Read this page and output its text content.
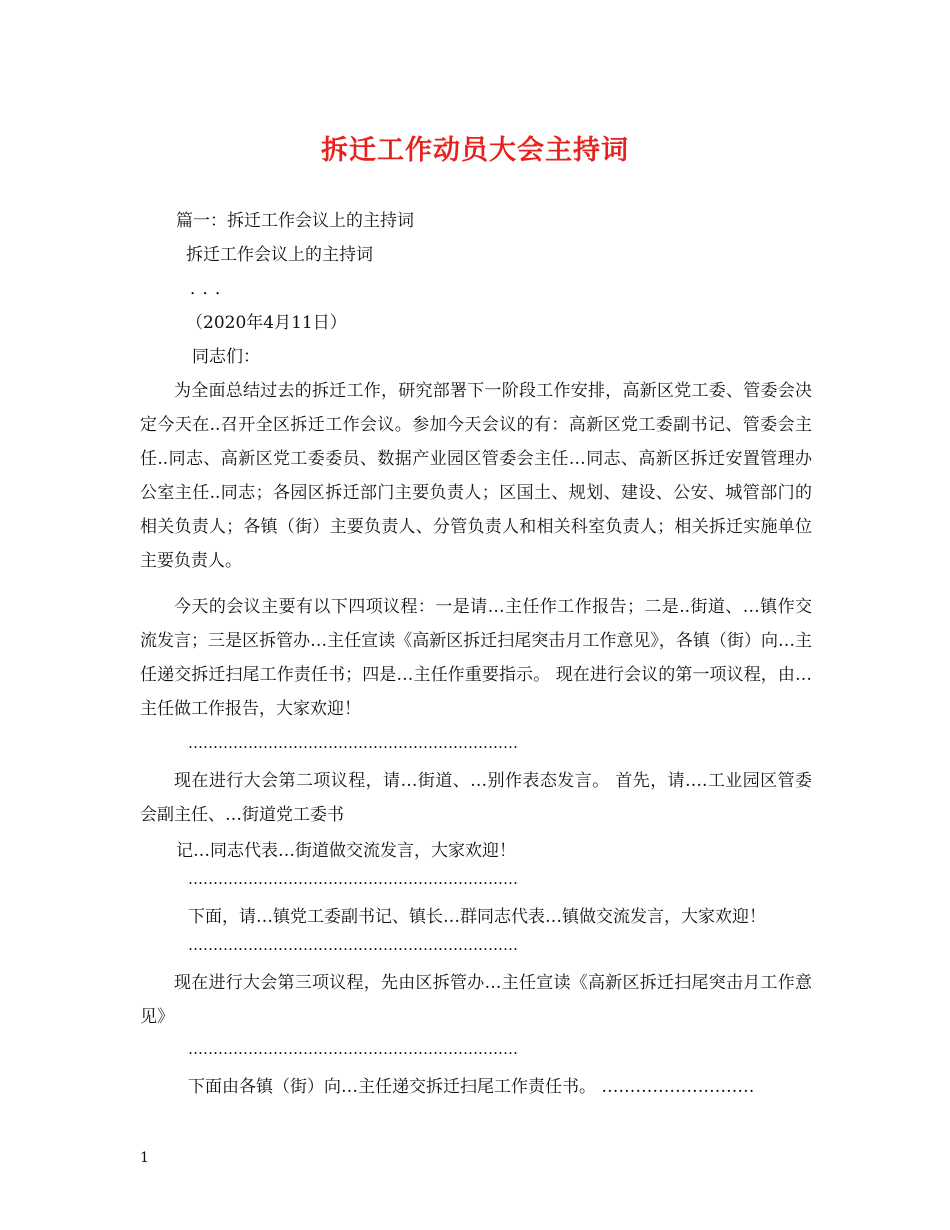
拆迁工作动员大会主持词
篇一：拆迁工作会议上的主持词
拆迁工作会议上的主持词
．．．
（2020年4月11日）
同志们：

为全面总结过去的拆迁工作，研究部署下一阶段工作安排，高新区党工委、管委会决定今天在..召开全区拆迁工作会议。参加今天会议的有：高新区党工委副书记、管委会主任..同志、高新区党工委委员、数据产业园区管委会主任…同志、高新区拆迁安置管理办公室主任..同志；各园区拆迁部门主要负责人；区国土、规划、建设、公安、城管部门的相关负责人；各镇（街）主要负责人、分管负责人和相关科室负责人；相关拆迁实施单位主要负责人。

今天的会议主要有以下四项议程：一是请…主任作工作报告；二是..街道、…镇作交流发言；三是区拆管办…主任宣读《高新区拆迁扫尾突击月工作意见》，各镇（街）向…主任递交拆迁扫尾工作责任书；四是…主任作重要指示。 现在进行会议的第一项议程，由…主任做工作报告，大家欢迎！

…………………………………………………………

现在进行大会第二项议程，请…街道、…别作表态发言。 首先，请….工业园区管委会副主任、…街道党工委书

记…同志代表…街道做交流发言，大家欢迎！
…………………………………………………………
下面，请…镇党工委副书记、镇长…群同志代表…镇做交流发言，大家欢迎！
…………………………………………………………

现在进行大会第三项议程，先由区拆管办…主任宣读《高新区拆迁扫尾突击月工作意见》

…………………………………………………………
下面由各镇（街）向…主任递交拆迁扫尾工作责任书。 ………………………
1
